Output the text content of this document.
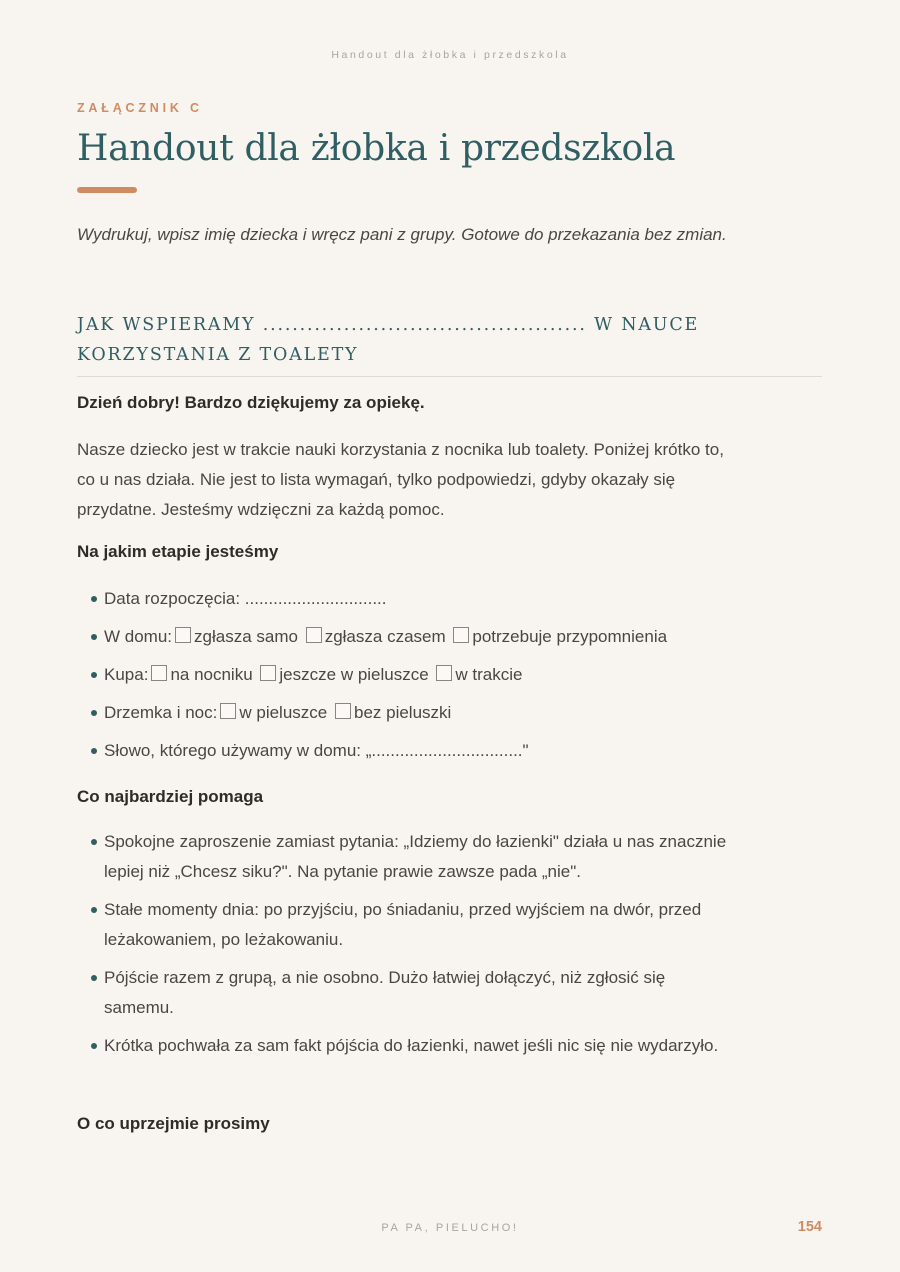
Handout dla żłobka i przedszkola
ZAŁĄCZNIK C
Handout dla żłobka i przedszkola

Wydrukuj, wpisz imię dziecka i wręcz pani z grupy. Gotowe do przekazania bez zmian.

JAK WSPIERAMY ............................................ W NAUCE KORZYSTANIA Z TOALETY

Dzień dobry! Bardzo dziękujemy za opiekę.

Nasze dziecko jest w trakcie nauki korzystania z nocnika lub toalety. Poniżej krótko to, co u nas działa. Nie jest to lista wymagań, tylko podpowiedzi, gdyby okazały się przydatne. Jesteśmy wdzięczni za każdą pomoc.

Na jakim etapie jesteśmy
Data rozpoczęcia: ..............................
W domu: zgłasza samo zgłasza czasem potrzebuje przypomnienia
Kupa: na nocniku jeszcze w pieluszce w trakcie
Drzemka i noc: w pieluszce bez pieluszki
Słowo, którego używamy w domu: „................................"
Co najbardziej pomaga
Spokojne zaproszenie zamiast pytania: „Idziemy do łazienki" działa u nas znacznie lepiej niż „Chcesz siku?". Na pytanie prawie zawsze pada „nie".
Stałe momenty dnia: po przyjściu, po śniadaniu, przed wyjściem na dwór, przed leżakowaniem, po leżakowaniu.
Pójście razem z grupą, a nie osobno. Dużo łatwiej dołączyć, niż zgłosić się samemu.
Krótka pochwała za sam fakt pójścia do łazienki, nawet jeśli nic się nie wydarzyło.
O co uprzejmie prosimy
PA PA, PIELUCHO!	154
